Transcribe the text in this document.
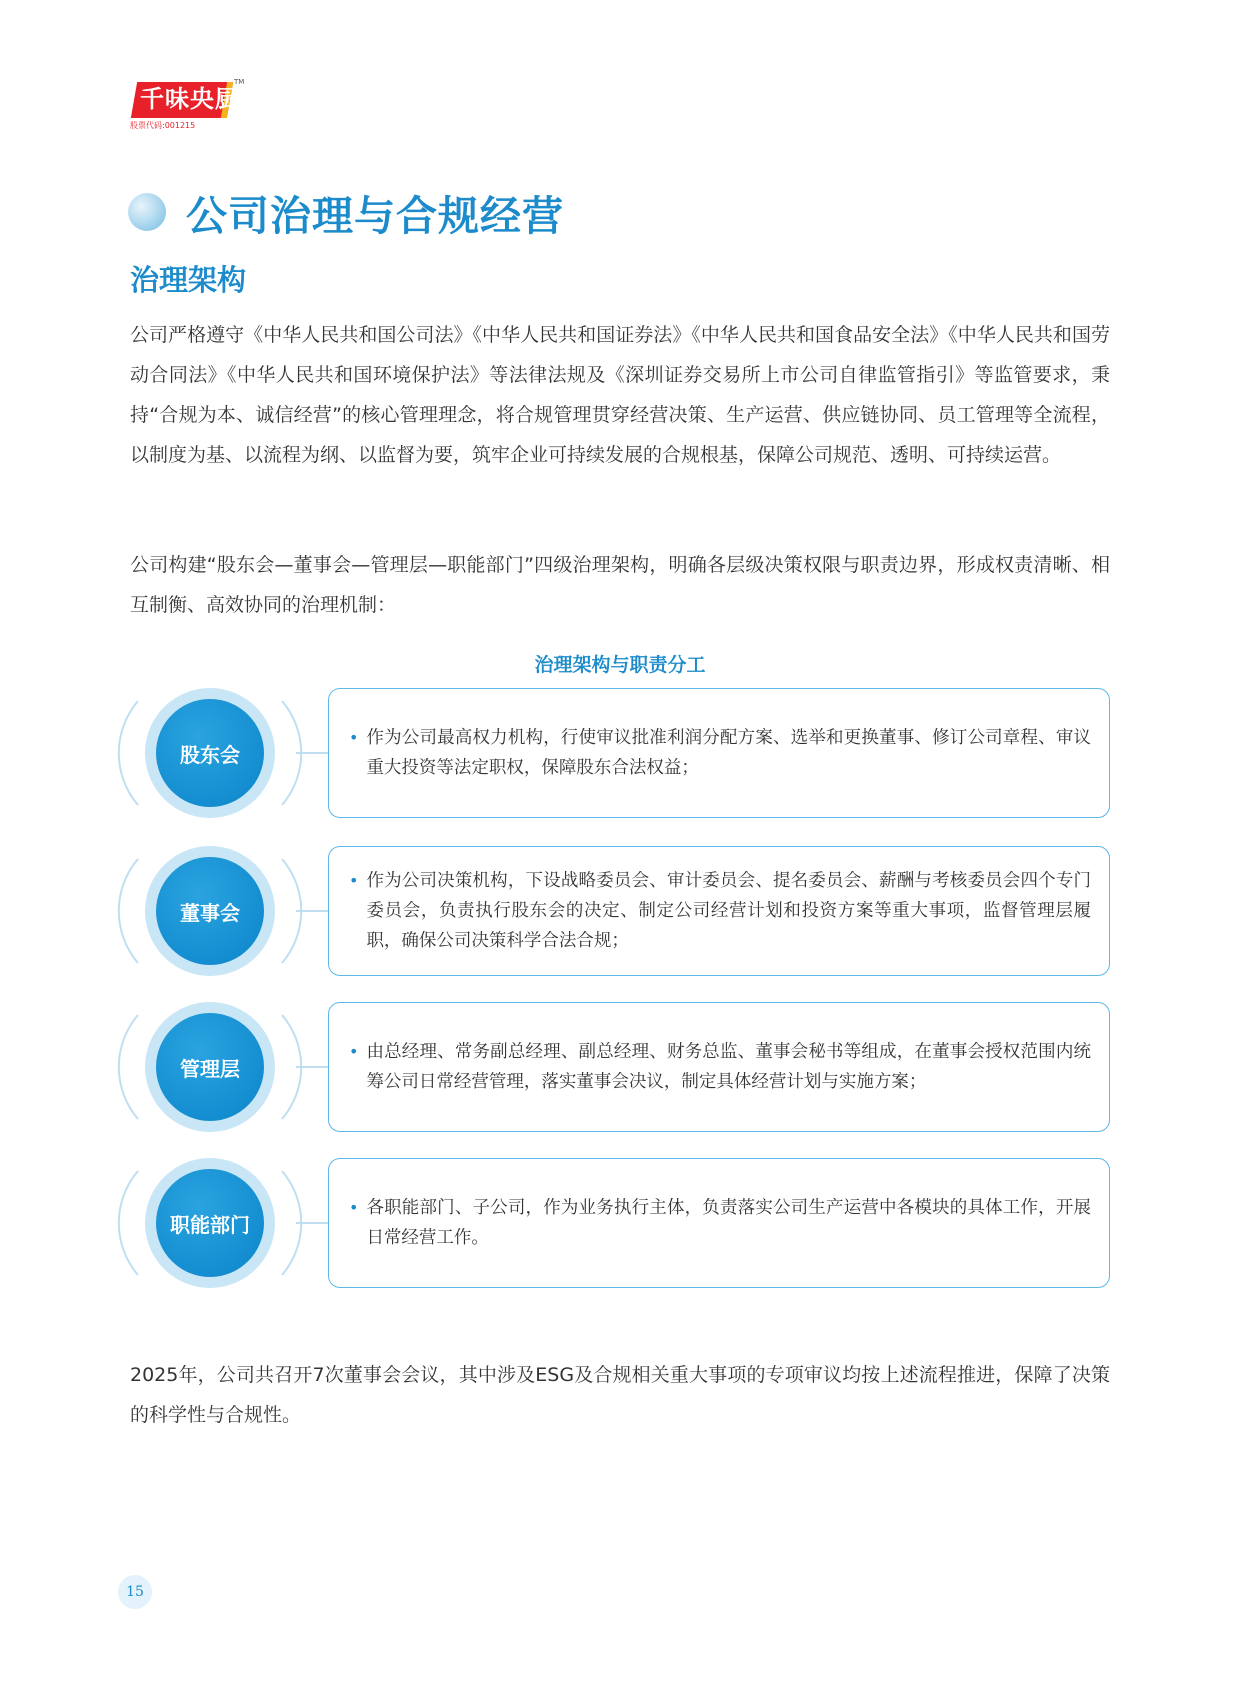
千味央厨
股票代码:001215
TM
公司治理与合规经营
治理架构
公司严格遵守《中华人民共和国公司法》《中华人民共和国证券法》《中华人民共和国食品安全法》《中华人民共和国劳动合同法》《中华人民共和国环境保护法》等法律法规及《深圳证券交易所上市公司自律监管指引》等监管要求，秉持“合规为本、诚信经营”的核心管理理念，将合规管理贯穿经营决策、生产运营、供应链协同、员工管理等全流程，以制度为基、以流程为纲、以监督为要，筑牢企业可持续发展的合规根基，保障公司规范、透明、可持续运营。
公司构建“股东会—董事会—管理层—职能部门”四级治理架构，明确各层级决策权限与职责边界，形成权责清晰、相互制衡、高效协同的治理机制：
治理架构与职责分工
股东会
• 作为公司最高权力机构，行使审议批准利润分配方案、选举和更换董事、修订公司章程、审议重大投资等法定职权，保障股东合法权益；
董事会
• 作为公司决策机构，下设战略委员会、审计委员会、提名委员会、薪酬与考核委员会四个专门委员会，负责执行股东会的决定、制定公司经营计划和投资方案等重大事项，监督管理层履职，确保公司决策科学合法合规；
管理层
• 由总经理、常务副总经理、副总经理、财务总监、董事会秘书等组成，在董事会授权范围内统筹公司日常经营管理，落实董事会决议，制定具体经营计划与实施方案；
职能部门
• 各职能部门、子公司，作为业务执行主体，负责落实公司生产运营中各模块的具体工作，开展日常经营工作。
2025年，公司共召开7次董事会会议，其中涉及ESG及合规相关重大事项的专项审议均按上述流程推进，保障了决策的科学性与合规性。
15
